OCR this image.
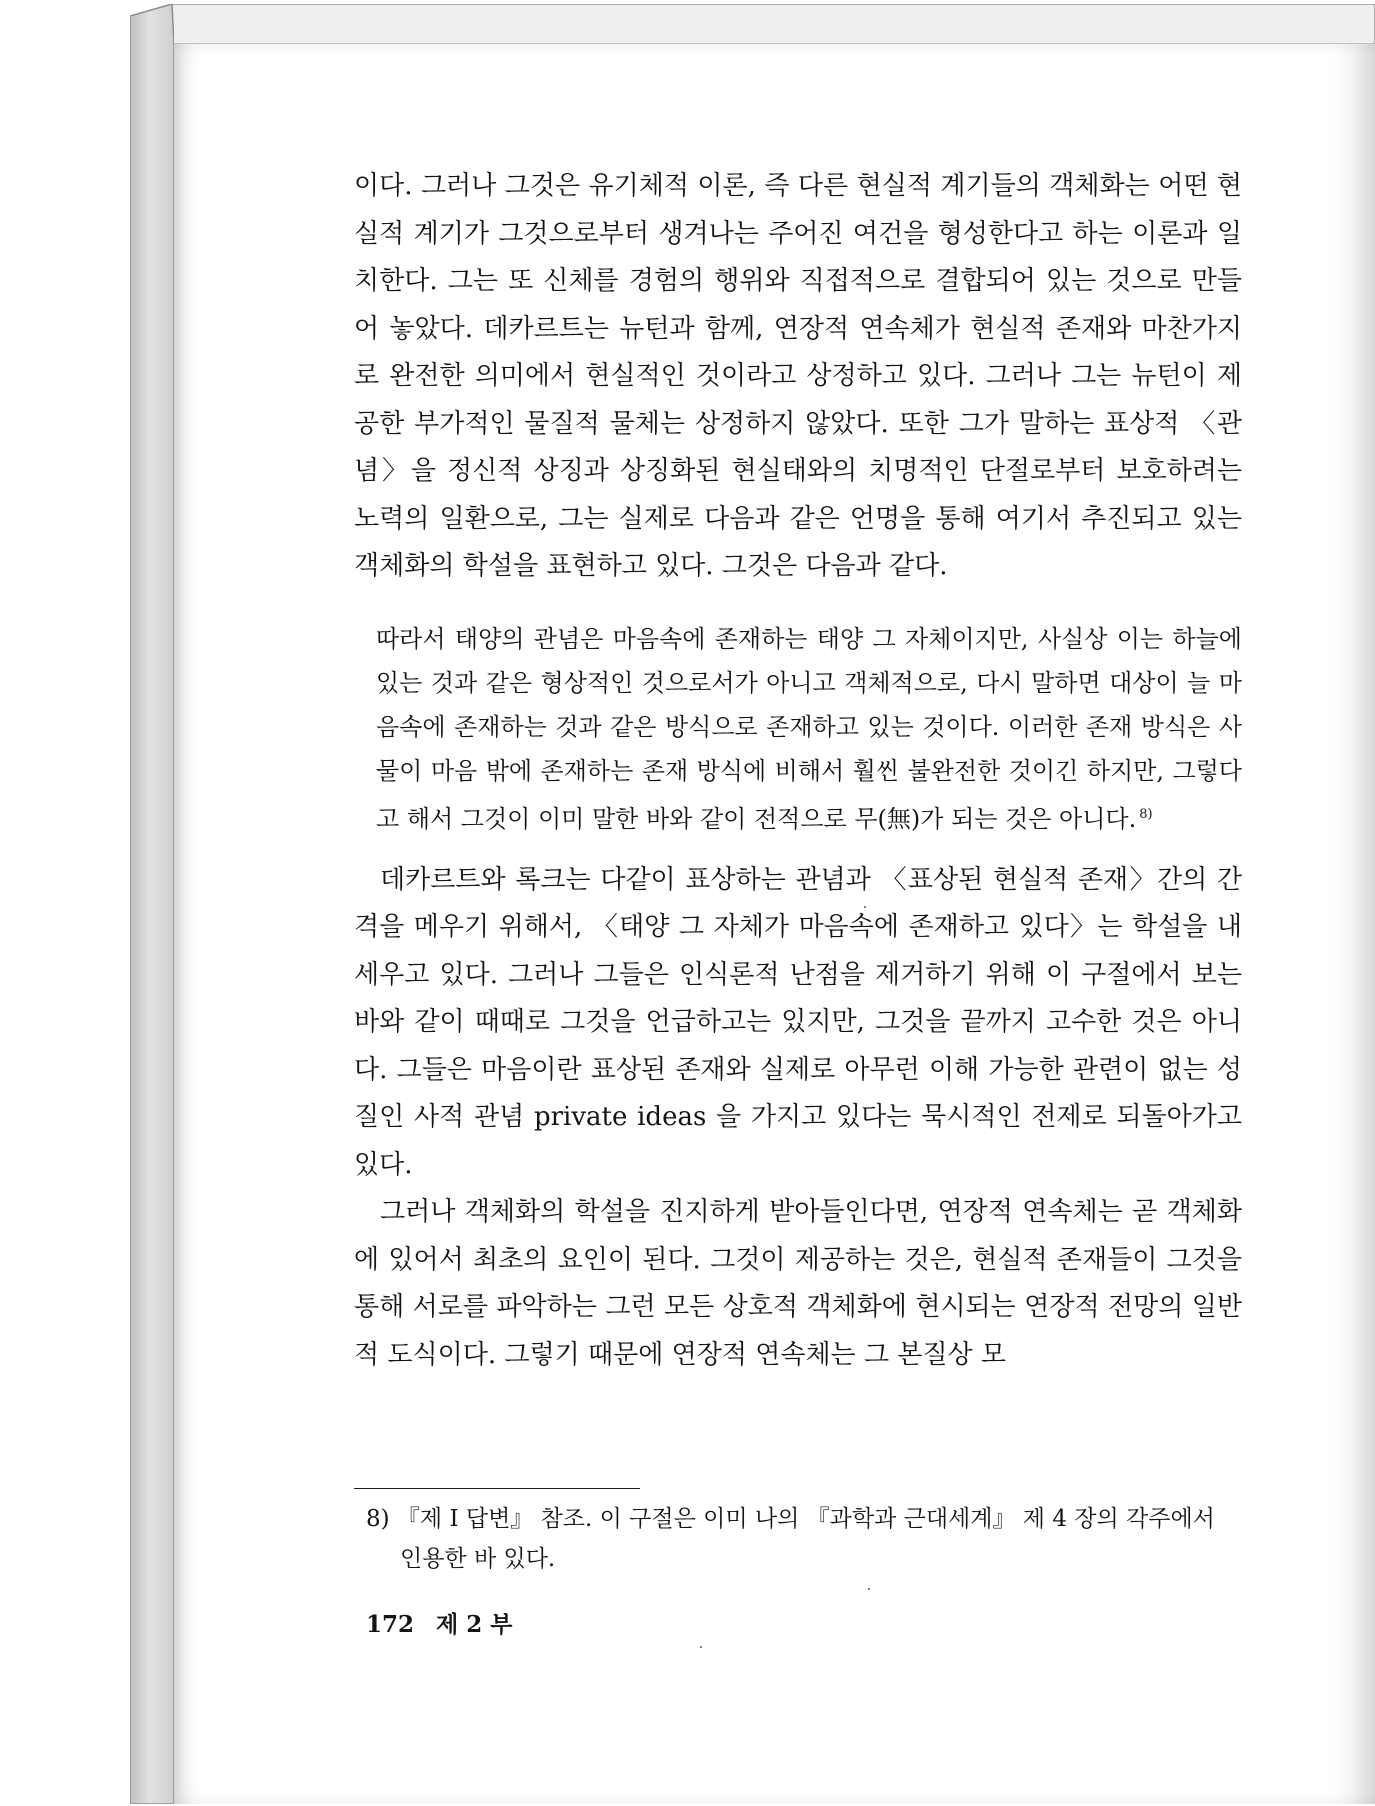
이다. 그러나 그것은 유기체적 이론, 즉 다른 현실적 계기들의 객체화는 어떤 현실적 계기가 그것으로부터 생겨나는 주어진 여건을 형성한다고 하는 이론과 일치한다. 그는 또 신체를 경험의 행위와 직접적으로 결합되어 있는 것으로 만들어 놓았다. 데카르트는 뉴턴과 함께, 연장적 연속체가 현실적 존재와 마찬가지로 완전한 의미에서 현실적인 것이라고 상정하고 있다. 그러나 그는 뉴턴이 제공한 부가적인 물질적 물체는 상정하지 않았다. 또한 그가 말하는 표상적 〈관념〉을 정신적 상징과 상징화된 현실태와의 치명적인 단절로부터 보호하려는 노력의 일환으로, 그는 실제로 다음과 같은 언명을 통해 여기서 추진되고 있는 객체화의 학설을 표현하고 있다. 그것은 다음과 같다.

따라서 태양의 관념은 마음속에 존재하는 태양 그 자체이지만, 사실상 이는 하늘에 있는 것과 같은 형상적인 것으로서가 아니고 객체적으로, 다시 말하면 대상이 늘 마음속에 존재하는 것과 같은 방식으로 존재하고 있는 것이다. 이러한 존재 방식은 사물이 마음 밖에 존재하는 존재 방식에 비해서 훨씬 불완전한 것이긴 하지만, 그렇다고 해서 그것이 이미 말한 바와 같이 전적으로 무(無)가 되는 것은 아니다. $^{8)}$

데카르트와 록크는 다같이 표상하는 관념과 〈표상된 현실적 존재〉간의 간격을 메우기 위해서, 〈태양 그 자체가 마음속에 존재하고 있다〉는 학설을 내세우고 있다. 그러나 그들은 인식론적 난점을 제거하기 위해 이 구절에서 보는 바와 같이 때때로 그것을 언급하고는 있지만, 그것을 끝까지 고수한 것은 아니다. 그들은 마음이란 표상된 존재와 실제로 아무런 이해 가능한 관련이 없는 성질인 사적 관념 private ideas 을 가지고 있다는 묵시적인 전제로 되돌아가고 있다.

그러나 객체화의 학설을 진지하게 받아들인다면, 연장적 연속체는 곧 객체화에 있어서 최초의 요인이 된다. 그것이 제공하는 것은, 현실적 존재들이 그것을 통해 서로를 파악하는 그런 모든 상호적 객체화에 현시되는 연장적 전망의 일반적 도식이다. 그렇기 때문에 연장적 연속체는 그 본질상 모

8) 『제 I 답변』 참조. 이 구절은 이미 나의 『과학과 근대세계』 제 4 장의 각주에서
인용한 바 있다.
172 제 2 부
